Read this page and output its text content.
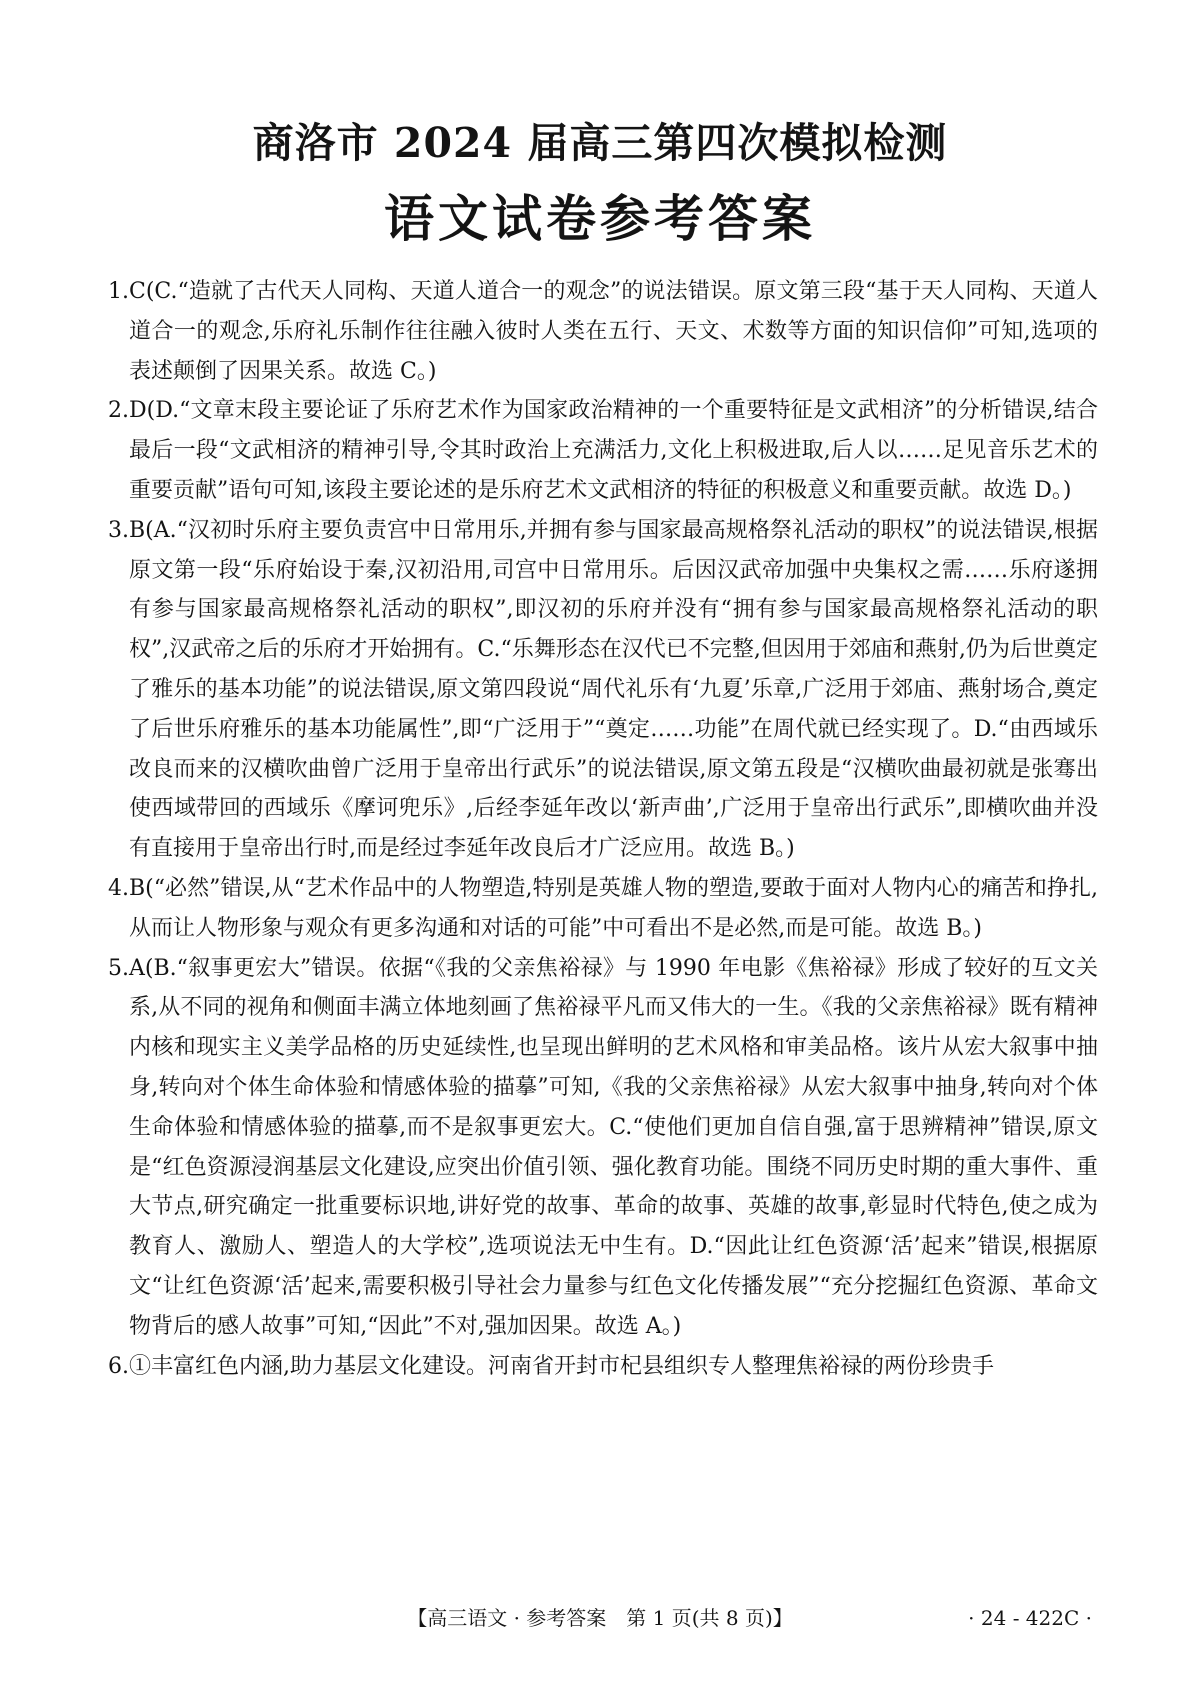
商洛市 2024 届高三第四次模拟检测
语文试卷参考答案
1. C(C.“造就了古代天人同构、天道人道合一的观念”的说法错误。原文第三段“基于天人同构、天道人道合一的观念,乐府礼乐制作往往融入彼时人类在五行、天文、术数等方面的知识信仰”可知,选项的表述颠倒了因果关系。故选 C。)
2. D(D.“文章末段主要论证了乐府艺术作为国家政治精神的一个重要特征是文武相济”的分析错误,结合最后一段“文武相济的精神引导,令其时政治上充满活力,文化上积极进取,后人以……足见音乐艺术的重要贡献”语句可知,该段主要论述的是乐府艺术文武相济的特征的积极意义和重要贡献。故选 D。)
3. B(A.“汉初时乐府主要负责宫中日常用乐,并拥有参与国家最高规格祭礼活动的职权”的说法错误,根据原文第一段“乐府始设于秦,汉初沿用,司宫中日常用乐。后因汉武帝加强中央集权之需……乐府遂拥有参与国家最高规格祭礼活动的职权”,即汉初的乐府并没有“拥有参与国家最高规格祭礼活动的职权”,汉武帝之后的乐府才开始拥有。C.“乐舞形态在汉代已不完整,但因用于郊庙和燕射,仍为后世奠定了雅乐的基本功能”的说法错误,原文第四段说“周代礼乐有‘九夏’乐章,广泛用于郊庙、燕射场合,奠定了后世乐府雅乐的基本功能属性”,即“广泛用于”“奠定……功能”在周代就已经实现了。D.“由西域乐改良而来的汉横吹曲曾广泛用于皇帝出行武乐”的说法错误,原文第五段是“汉横吹曲最初就是张骞出使西域带回的西域乐《摩诃兜乐》,后经李延年改以‘新声曲’,广泛用于皇帝出行武乐”,即横吹曲并没有直接用于皇帝出行时,而是经过李延年改良后才广泛应用。故选 B。)
4. B(“必然”错误,从“艺术作品中的人物塑造,特别是英雄人物的塑造,要敢于面对人物内心的痛苦和挣扎,从而让人物形象与观众有更多沟通和对话的可能”中可看出不是必然,而是可能。故选 B。)
5. A(B.“叙事更宏大”错误。依据“《我的父亲焦裕禄》与 1990 年电影《焦裕禄》形成了较好的互文关系,从不同的视角和侧面丰满立体地刻画了焦裕禄平凡而又伟大的一生。《我的父亲焦裕禄》既有精神内核和现实主义美学品格的历史延续性,也呈现出鲜明的艺术风格和审美品格。该片从宏大叙事中抽身,转向对个体生命体验和情感体验的描摹”可知,《我的父亲焦裕禄》从宏大叙事中抽身,转向对个体生命体验和情感体验的描摹,而不是叙事更宏大。C.“使他们更加自信自强,富于思辨精神”错误,原文是“红色资源浸润基层文化建设,应突出价值引领、强化教育功能。围绕不同历史时期的重大事件、重大节点,研究确定一批重要标识地,讲好党的故事、革命的故事、英雄的故事,彰显时代特色,使之成为教育人、激励人、塑造人的大学校”,选项说法无中生有。D.“因此让红色资源‘活’起来”错误,根据原文“让红色资源‘活’起来,需要积极引导社会力量参与红色文化传播发展”“充分挖掘红色资源、革命文物背后的感人故事”可知,“因此”不对,强加因果。故选 A。)
6. ①丰富红色内涵,助力基层文化建设。河南省开封市杞县组织专人整理焦裕禄的两份珍贵手
【高三语文 · 参考答案　第 1 页(共 8 页)】	· 24 - 422C ·
